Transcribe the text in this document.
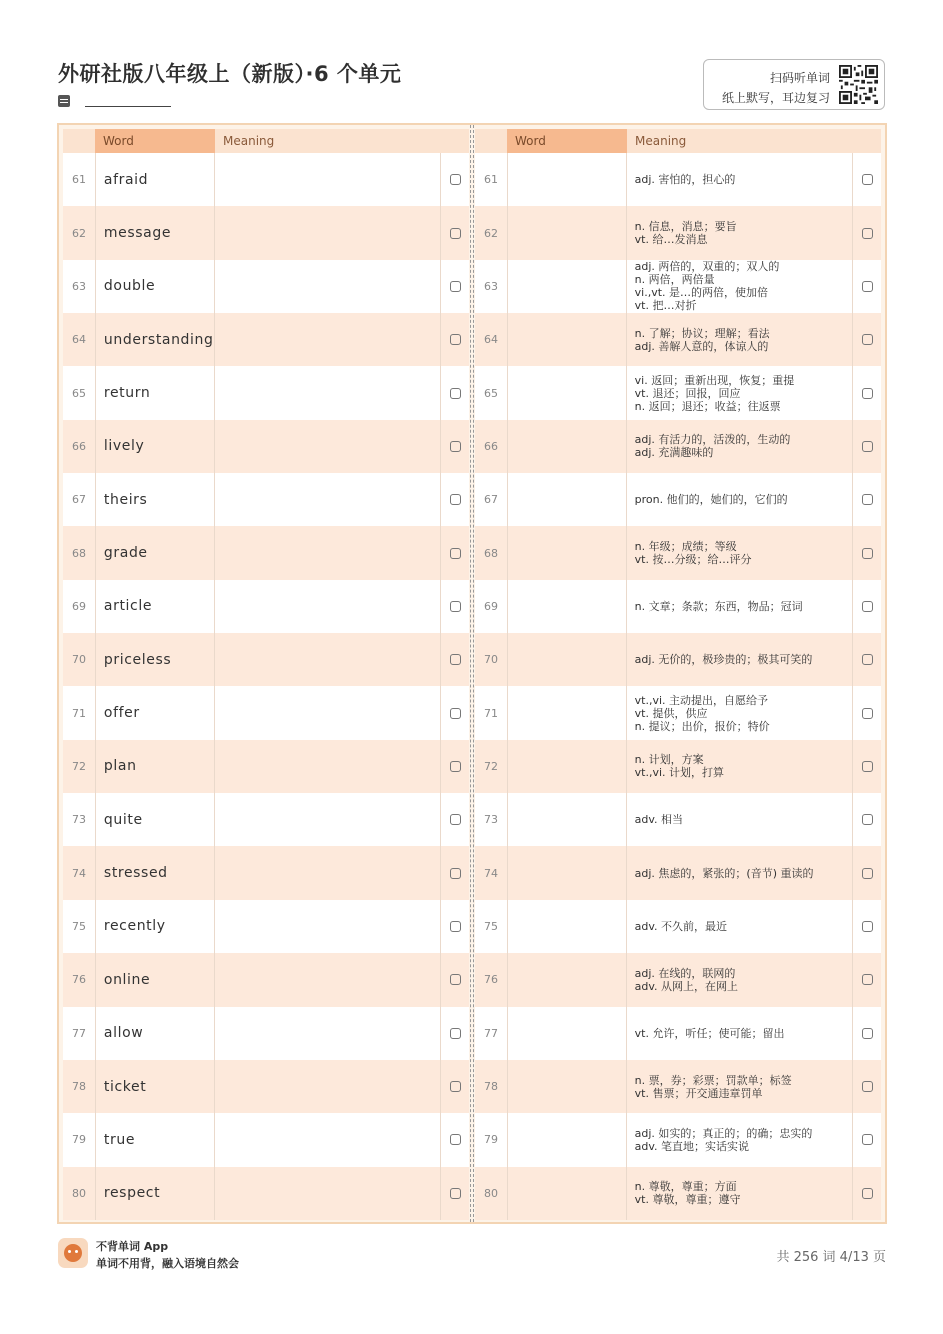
外研社版八年级上（新版）·6 个单元	扫码听单词
纸上默写，耳边复习
Word	Meaning
61	afraid
62	message
63	double
64	understanding
65	return
66	lively
67	theirs
68	grade
69	article
70	priceless
71	offer
72	plan
73	quite
74	stressed
75	recently
76	online
77	allow
78	ticket
79	true
80	respect
Word	Meaning
61	adj. 害怕的，担心的
62	n. 信息，消息；要旨
vt. 给…发消息
63
adj. 两倍的，双重的；双人的
n. 两倍，两倍量
vi.,vt. 是…的两倍，使加倍
vt. 把…对折
64	n. 了解；协议；理解；看法
adj. 善解人意的，体谅人的
65
vi. 返回；重新出现，恢复；重提
vt. 退还；回报，回应
n. 返回；退还；收益；往返票
66	adj. 有活力的，活泼的，生动的
adj. 充满趣味的
67	pron. 他们的，她们的，它们的
68	n. 年级；成绩；等级
vt. 按…分级；给…评分
69	n. 文章；条款；东西，物品；冠词
70	adj. 无价的，极珍贵的；极其可笑的
71
vt.,vi. 主动提出，自愿给予
vt. 提供，供应
n. 提议；出价，报价；特价
72	n. 计划，方案
vt.,vi. 计划，打算
73	adv. 相当
74	adj. 焦虑的，紧张的；(音节) 重读的
75	adv. 不久前，最近
76	adj. 在线的，联网的
adv. 从网上，在网上
77	vt. 允许，听任；使可能；留出
78	n. 票，券；彩票；罚款单；标签
vt. 售票；开交通违章罚单
79	adj. 如实的；真正的；的确；忠实的
adv. 笔直地；实话实说
80	n. 尊敬，尊重；方面
vt. 尊敬，尊重；遵守
不背单词 App
单词不用背，融入语境自然会	共 256 词 4/13 页
